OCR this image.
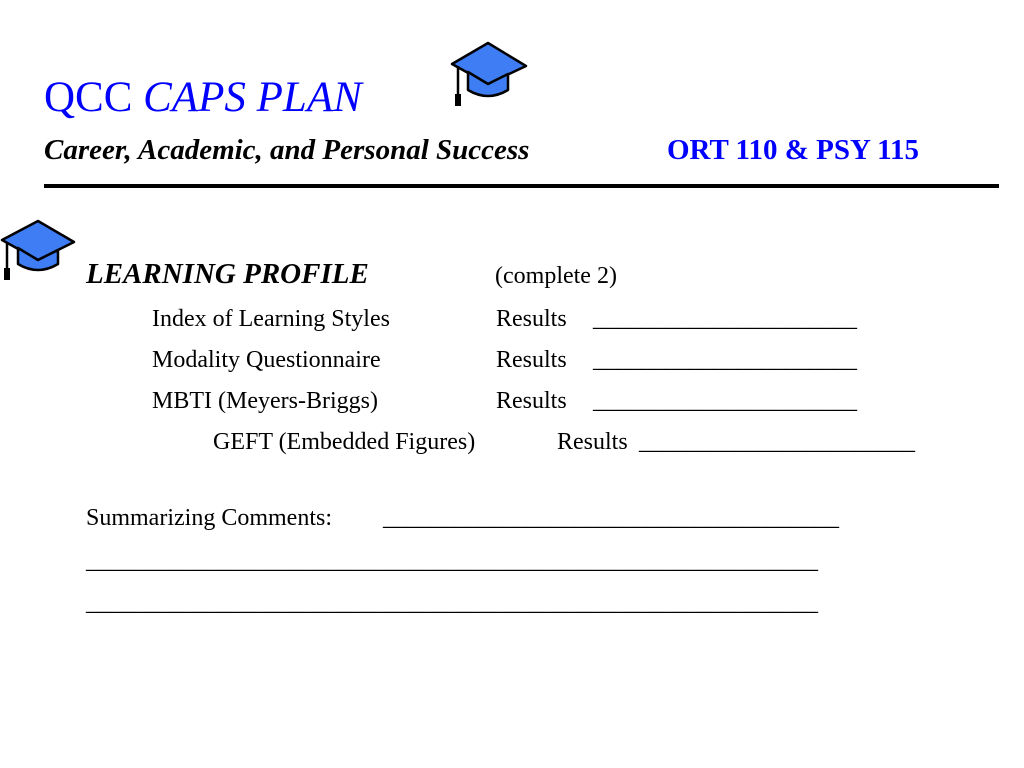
QCC CAPS PLAN
Career, Academic, and Personal Success	ORT 110 & PSY 115
LEARNING PROFILE	(complete 2)
Index of Learning Styles	Results ______________________
Modality Questionnaire	Results ______________________
MBTI (Meyers-Briggs)	Results ______________________
GEFT (Embedded Figures)	Results _______________________
Summarizing Comments: ______________________________________
_____________________________________________________________
_____________________________________________________________
